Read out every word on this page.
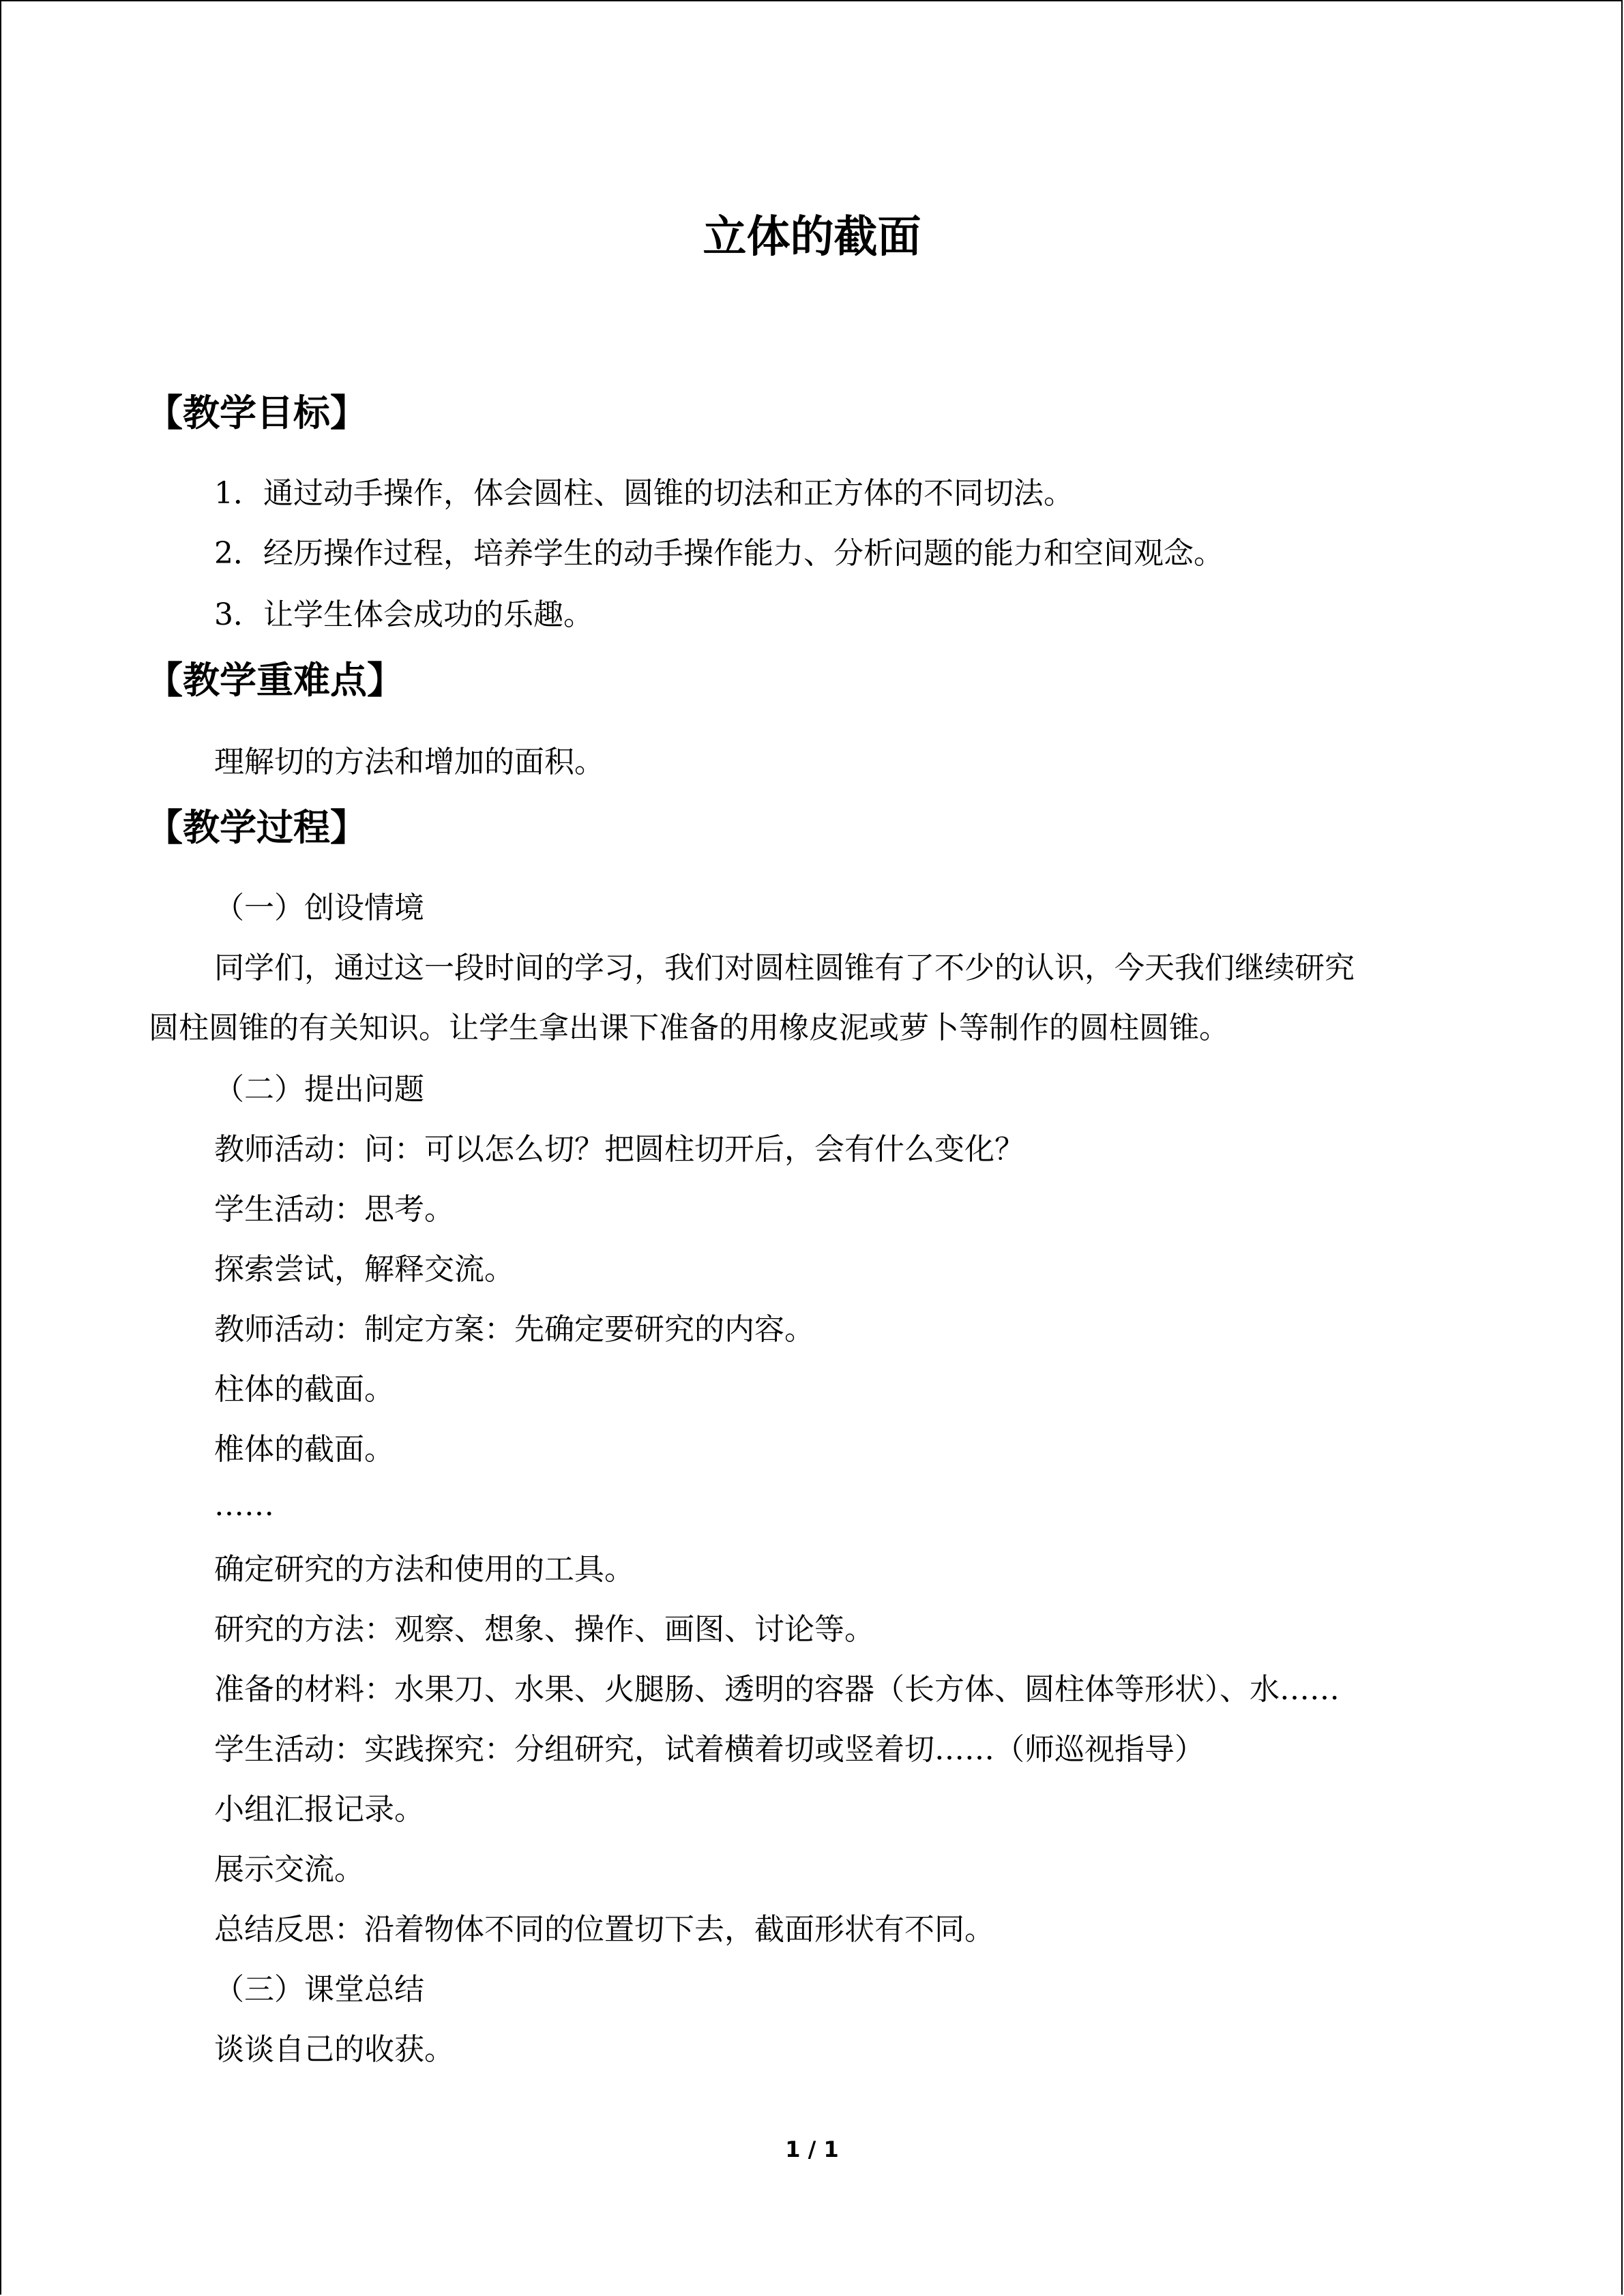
立体的截面
【教学目标】

1．通过动手操作，体会圆柱、圆锥的切法和正方体的不同切法。

2．经历操作过程，培养学生的动手操作能力、分析问题的能力和空间观念。

3．让学生体会成功的乐趣。

【教学重难点】

理解切的方法和增加的面积。

【教学过程】

（一）创设情境

同学们，通过这一段时间的学习，我们对圆柱圆锥有了不少的认识，今天我们继续研究

圆柱圆锥的有关知识。让学生拿出课下准备的用橡皮泥或萝卜等制作的圆柱圆锥。

（二）提出问题

教师活动：问：可以怎么切？把圆柱切开后，会有什么变化？

学生活动：思考。

探索尝试，解释交流。

教师活动：制定方案：先确定要研究的内容。

柱体的截面。

椎体的截面。

……

确定研究的方法和使用的工具。

研究的方法：观察、想象、操作、画图、讨论等。

准备的材料：水果刀、水果、火腿肠、透明的容器（长方体、圆柱体等形状）、水……

学生活动：实践探究：分组研究，试着横着切或竖着切……（师巡视指导）

小组汇报记录。

展示交流。

总结反思：沿着物体不同的位置切下去，截面形状有不同。

（三）课堂总结

谈谈自己的收获。

1 / 1
